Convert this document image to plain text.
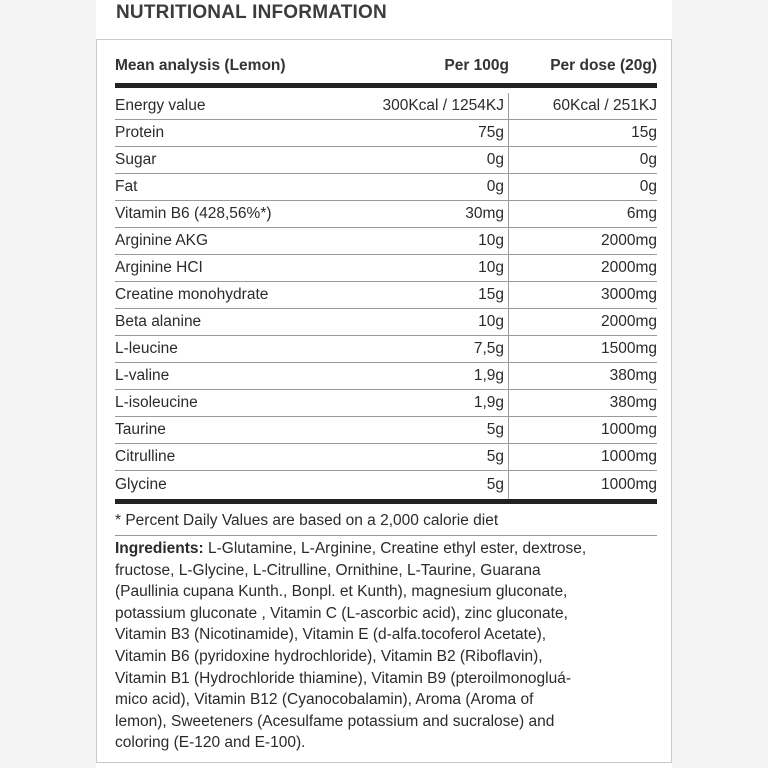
NUTRITIONAL INFORMATION
Mean analysis (Lemon)	Per 100g	Per dose (20g)
Energy value	300Kcal / 1254KJ	60Kcal / 251KJ
Protein	75g	15g
Sugar	0g	0g
Fat	0g	0g
Vitamin B6 (428,56%*)	30mg	6mg
Arginine AKG	10g	2000mg
Arginine HCI	10g	2000mg
Creatine monohydrate	15g	3000mg
Beta alanine	10g	2000mg
L-leucine	7,5g	1500mg
L-valine	1,9g	380mg
L-isoleucine	1,9g	380mg
Taurine	5g	1000mg
Citrulline	5g	1000mg
Glycine	5g	1000mg
* Percent Daily Values are based on a 2,000 calorie diet
Ingredients: L-Glutamine, L-Arginine, Creatine ethyl ester, dextrose,
fructose, L-Glycine, L-Citrulline, Ornithine, L-Taurine, Guarana
(Paullinia cupana Kunth., Bonpl. et Kunth), magnesium gluconate,
potassium gluconate , Vitamin C (L-ascorbic acid), zinc gluconate,
Vitamin B3 (Nicotinamide), Vitamin E (d-alfa.tocoferol Acetate),
Vitamin B6 (pyridoxine hydrochloride), Vitamin B2 (Riboflavin),
Vitamin B1 (Hydrochloride thiamine), Vitamin B9 (pteroilmonogluá-
mico acid), Vitamin B12 (Cyanocobalamin), Aroma (Aroma of
lemon), Sweeteners (Acesulfame potassium and sucralose) and
coloring (E-120 and E-100).
